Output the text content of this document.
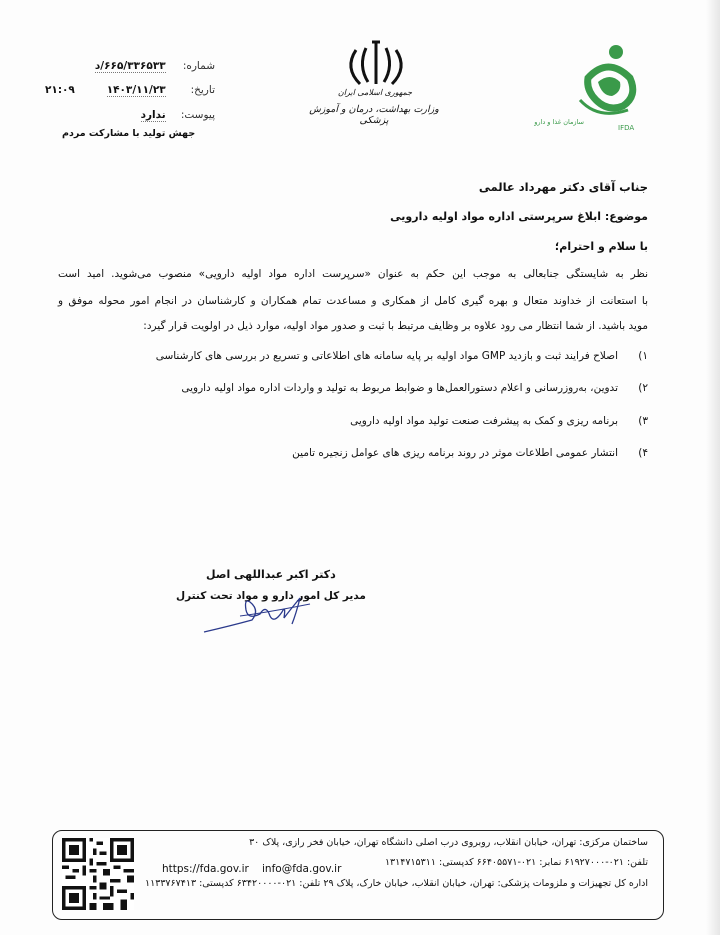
سازمان غذا و دارو
IFDA
جمهوری اسلامی ایران
وزارت بهداشت، درمان و آموزش پزشکی
شماره: ۶۶۵/۳۳۶۵۳۳/د
تاریخ: ۱۴۰۳/۱۱/۲۳
۲۱:۰۹
پیوست: ندارد
جهش تولید با مشارکت مردم
جناب آقای دکتر مهرداد عالمی
موضوع: ابلاغ سرپرستی اداره مواد اولیه دارویی
با سلام و احترام؛
نظر به شایستگی جنابعالی به موجب این حکم به عنوان «سرپرست اداره مواد اولیه دارویی» منصوب می‌شوید. امید است
با استعانت از خداوند متعال و بهره گیری کامل از همکاری و مساعدت تمام همکاران و کارشناسان در انجام امور محوله موفق و
موید باشید. از شما انتظار می رود علاوه بر وظایف مرتبط با ثبت و صدور مواد اولیه، موارد ذیل در اولویت قرار گیرد:
۱)
اصلاح فرایند ثبت و بازدید GMP مواد اولیه بر پایه سامانه های اطلاعاتی و تسریع در بررسی های کارشناسی
۲)
تدوین، به‌روزرسانی و اعلام دستورالعمل‌ها و ضوابط مربوط به تولید و واردات اداره مواد اولیه دارویی
۳)
برنامه ریزی و کمک به پیشرفت صنعت تولید مواد اولیه دارویی
۴)
انتشار عمومی اطلاعات موثر در روند برنامه ریزی های عوامل زنجیره تامین
دکتر اکبر عبداللهی اصل
مدیر کل امور دارو و مواد تحت کنترل
ساختمان مرکزی: تهران، خیابان انقلاب، روبروی درب اصلی دانشگاه تهران، خیابان فخر رازی، پلاک ۳۰
تلفن: ۰۲۱-۶۱۹۲۷۰۰۰ نمابر: ۰۲۱-۶۶۴۰۵۵۷۱ کدپستی: ۱۳۱۴۷۱۵۳۱۱
اداره کل تجهیزات و ملزومات پزشکی: تهران، خیابان انقلاب، خیابان خارک، پلاک ۲۹ تلفن: ۰۲۱-۶۳۴۲۰۰۰۰ کدپستی: ۱۱۳۳۷۶۷۴۱۳
https://fda.gov.ir info@fda.gov.ir
